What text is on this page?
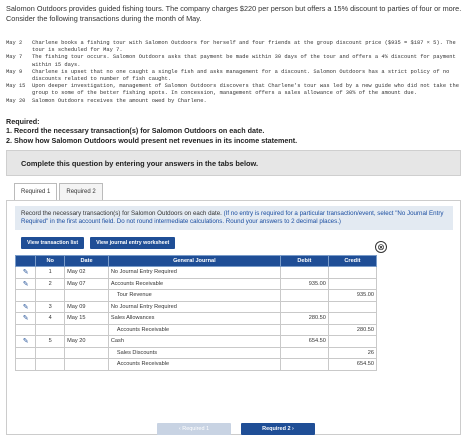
Salomon Outdoors provides guided fishing tours. The company charges $220 per person but offers a 15% discount to parties of four or more. Consider the following transactions during the month of May.
May 2	Charlene books a fishing tour with Salomon Outdoors for herself and four friends at the group discount price ($935 = $187 × 5). The tour is scheduled for May 7.
May 7	The fishing tour occurs. Salomon Outdoors asks that payment be made within 30 days of the tour and offers a 4% discount for payment within 15 days.
May 9	Charlene is upset that no one caught a single fish and asks management for a discount. Salomon Outdoors has a strict policy of no discounts related to number of fish caught.
May 15	Upon deeper investigation, management of Salomon Outdoors discovers that Charlene's tour was led by a new guide who did not take the group to some of the better fishing spots. In concession, management offers a sales allowance of 30% of the amount due.
May 20	Salomon Outdoors receives the amount owed by Charlene.
Required:
1. Record the necessary transaction(s) for Salomon Outdoors on each date.
2. Show how Salomon Outdoors would present net revenues in its income statement.
Complete this question by entering your answers in the tabs below.
Required 1	Required 2
Record the necessary transaction(s) for Salomon Outdoors on each date. (If no entry is required for a particular transaction/event, select "No Journal Entry Required" in the first account field. Do not round intermediate calculations. Round your answers to 2 decimal places.)
View transaction list	View journal entry worksheet	⊗
	No	Date	General Journal	Debit	Credit
✎	1	May 02	No Journal Entry Required		
✎	2	May 07	Accounts Receivable	935.00	
			Tour Revenue		935.00
✎	3	May 09	No Journal Entry Required		
✎	4	May 15	Sales Allowances	280.50	
			Accounts Receivable		280.50
✎	5	May 20	Cash	654.50	
			Sales Discounts		26
			Accounts Receivable		654.50
‹ Required 1	Required 2 ›
